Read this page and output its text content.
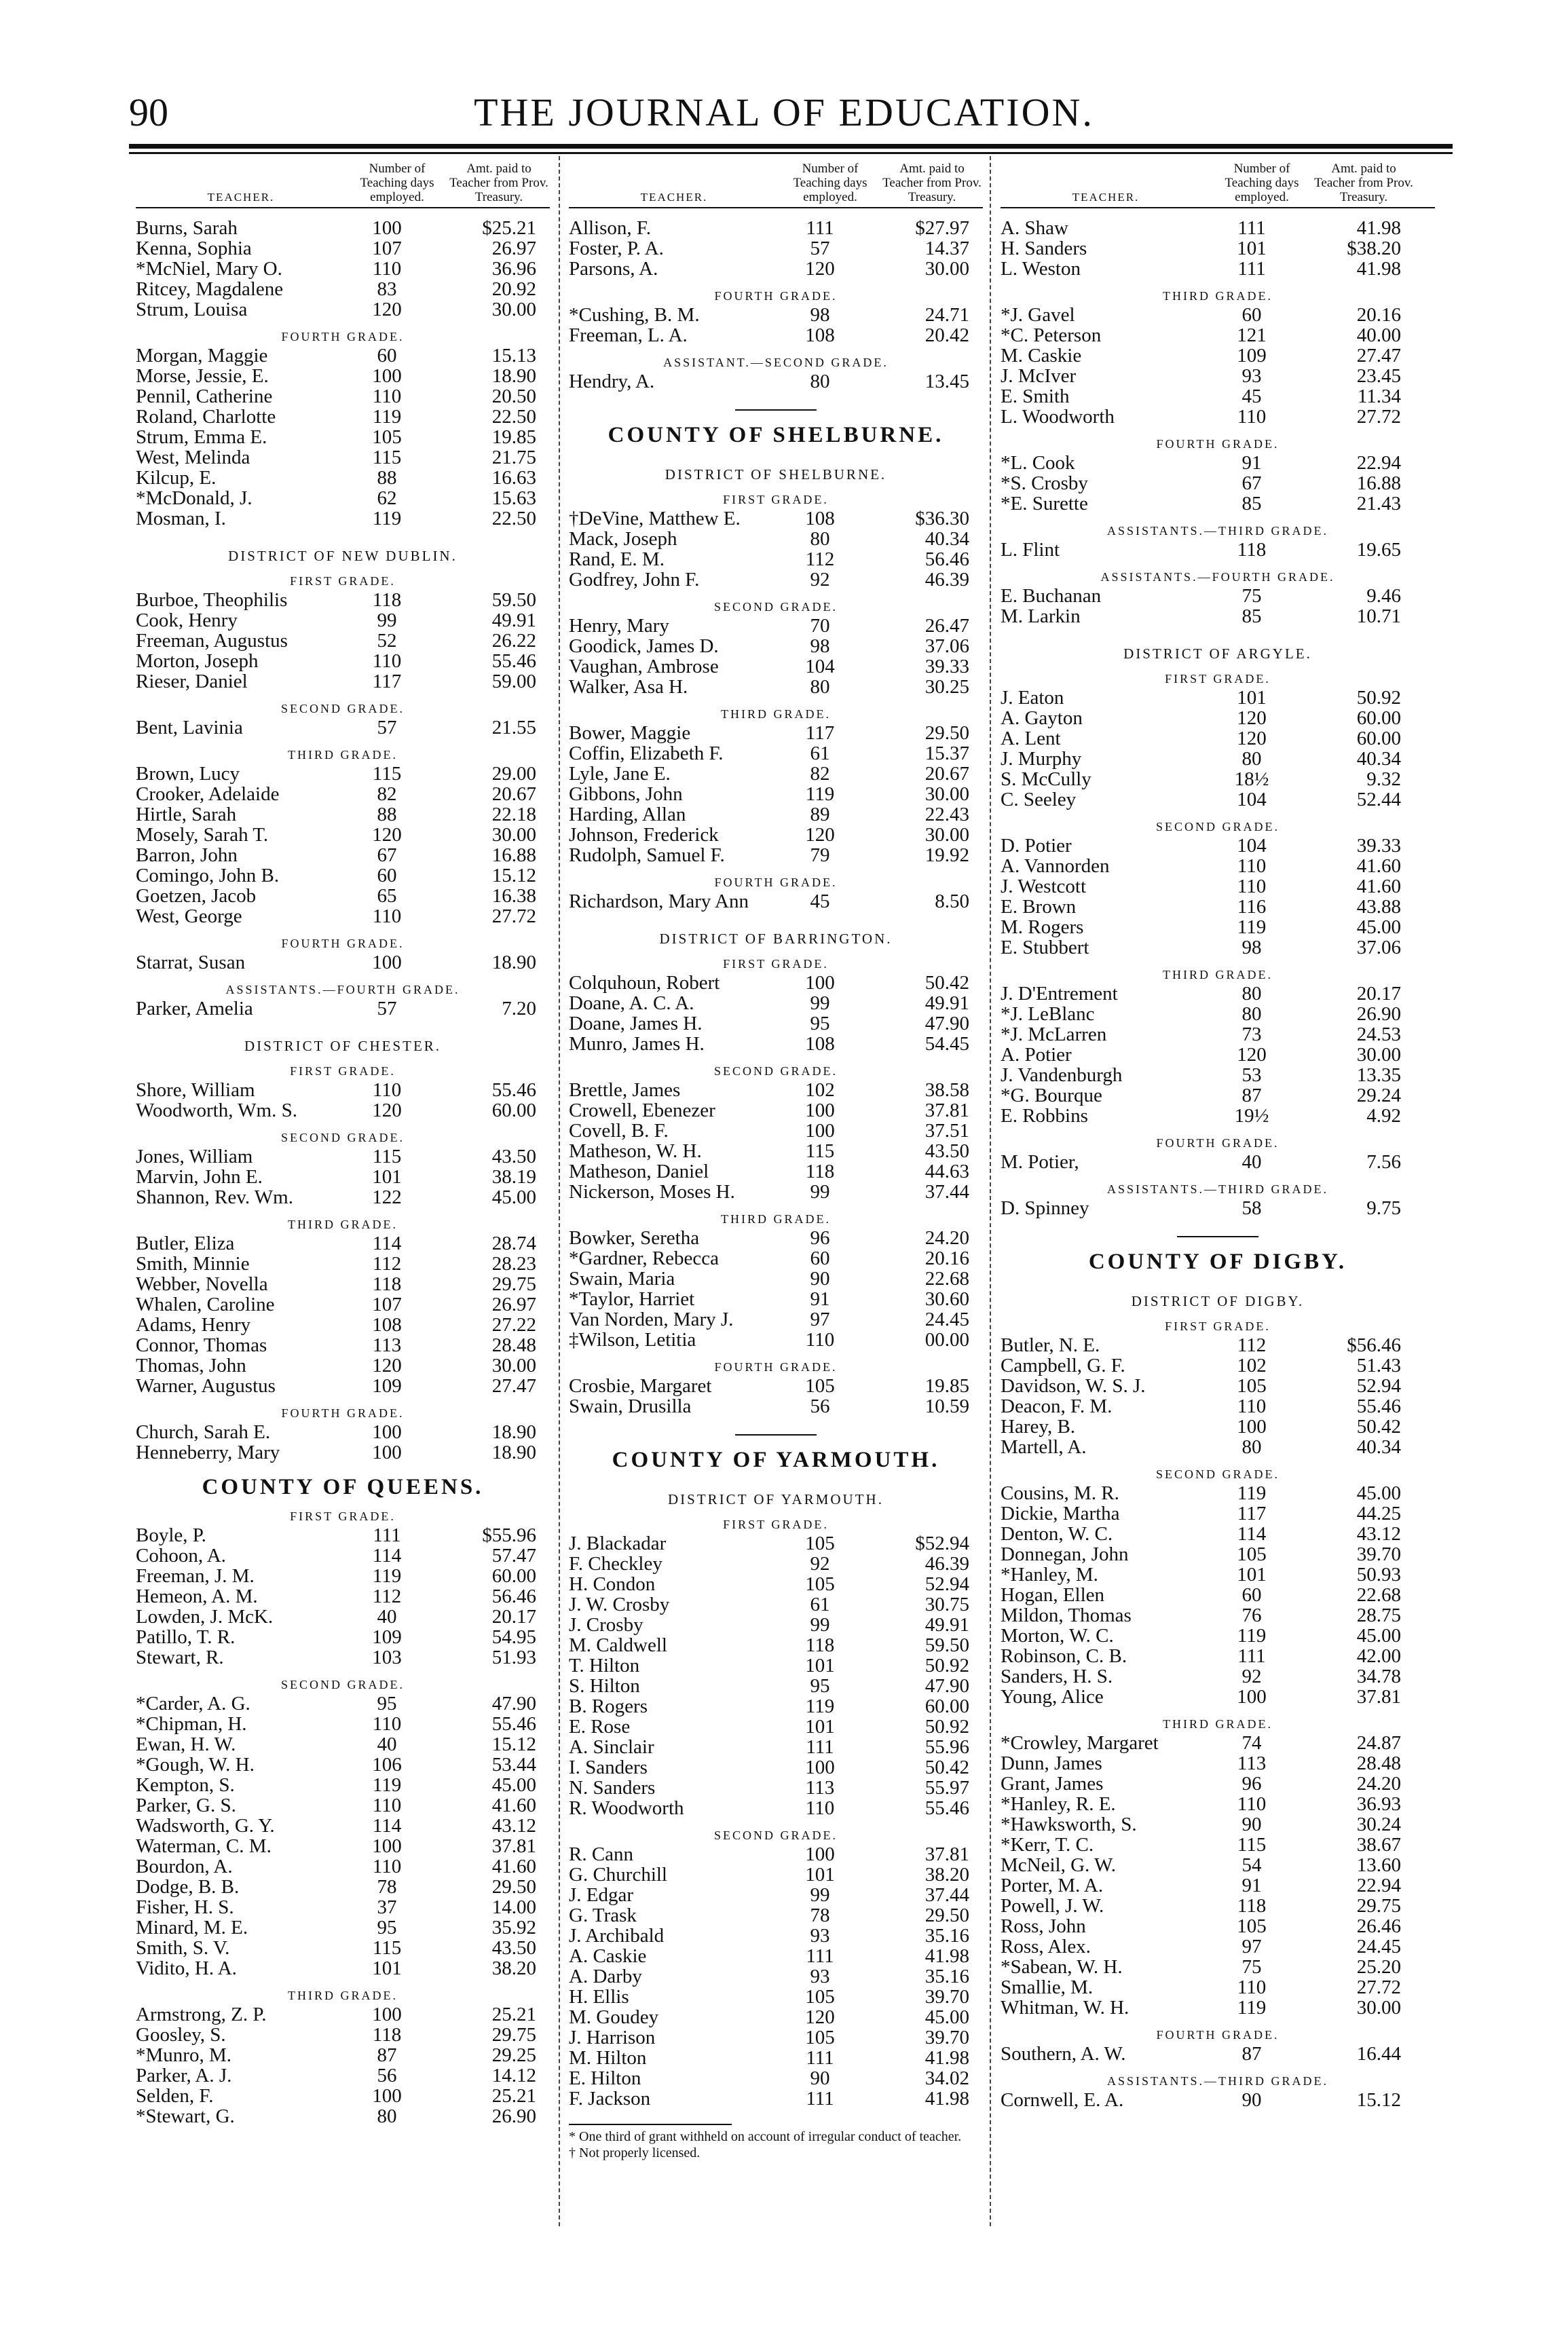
90	THE JOURNAL OF EDUCATION.
TEACHER.
Number of Teaching days employed.
Amt. paid to Teacher from Prov. Treasury.
Burns, Sarah	100	$25.21
Kenna, Sophia	107	26.97
*McNiel, Mary O.	110	36.96
Ritcey, Magdalene	83	20.92
Strum, Louisa	120	30.00
FOURTH GRADE.
Morgan, Maggie	60	15.13
Morse, Jessie, E.	100	18.90
Pennil, Catherine	110	20.50
Roland, Charlotte	119	22.50
Strum, Emma E.	105	19.85
West, Melinda	115	21.75
Kilcup, E.	88	16.63
*McDonald, J.	62	15.63
Mosman, I.	119	22.50
DISTRICT OF NEW DUBLIN.
FIRST GRADE.
Burboe, Theophilis	118	59.50
Cook, Henry	99	49.91
Freeman, Augustus	52	26.22
Morton, Joseph	110	55.46
Rieser, Daniel	117	59.00
SECOND GRADE.
Bent, Lavinia	57	21.55
THIRD GRADE.
Brown, Lucy	115	29.00
Crooker, Adelaide	82	20.67
Hirtle, Sarah	88	22.18
Mosely, Sarah T.	120	30.00
Barron, John	67	16.88
Comingo, John B.	60	15.12
Goetzen, Jacob	65	16.38
West, George	110	27.72
FOURTH GRADE.
Starrat, Susan	100	18.90
ASSISTANTS.—FOURTH GRADE.
Parker, Amelia	57	7.20
DISTRICT OF CHESTER.
FIRST GRADE.
Shore, William	110	55.46
Woodworth, Wm. S.	120	60.00
SECOND GRADE.
Jones, William	115	43.50
Marvin, John E.	101	38.19
Shannon, Rev. Wm.	122	45.00
THIRD GRADE.
Butler, Eliza	114	28.74
Smith, Minnie	112	28.23
Webber, Novella	118	29.75
Whalen, Caroline	107	26.97
Adams, Henry	108	27.22
Connor, Thomas	113	28.48
Thomas, John	120	30.00
Warner, Augustus	109	27.47
FOURTH GRADE.
Church, Sarah E.	100	18.90
Henneberry, Mary	100	18.90
COUNTY OF QUEENS.
FIRST GRADE.
Boyle, P.	111	$55.96
Cohoon, A.	114	57.47
Freeman, J. M.	119	60.00
Hemeon, A. M.	112	56.46
Lowden, J. McK.	40	20.17
Patillo, T. R.	109	54.95
Stewart, R.	103	51.93
SECOND GRADE.
*Carder, A. G.	95	47.90
*Chipman, H.	110	55.46
Ewan, H. W.	40	15.12
*Gough, W. H.	106	53.44
Kempton, S.	119	45.00
Parker, G. S.	110	41.60
Wadsworth, G. Y.	114	43.12
Waterman, C. M.	100	37.81
Bourdon, A.	110	41.60
Dodge, B. B.	78	29.50
Fisher, H. S.	37	14.00
Minard, M. E.	95	35.92
Smith, S. V.	115	43.50
Vidito, H. A.	101	38.20
THIRD GRADE.
Armstrong, Z. P.	100	25.21
Goosley, S.	118	29.75
*Munro, M.	87	29.25
Parker, A. J.	56	14.12
Selden, F.	100	25.21
*Stewart, G.	80	26.90
TEACHER.
Number of Teaching days employed.
Amt. paid to Teacher from Prov. Treasury.
Allison, F.	111	$27.97
Foster, P. A.	57	14.37
Parsons, A.	120	30.00
FOURTH GRADE.
*Cushing, B. M.	98	24.71
Freeman, L. A.	108	20.42
ASSISTANT.—SECOND GRADE.
Hendry, A.	80	13.45
COUNTY OF SHELBURNE.
DISTRICT OF SHELBURNE.
FIRST GRADE.
†DeVine, Matthew E.	108	$36.30
Mack, Joseph	80	40.34
Rand, E. M.	112	56.46
Godfrey, John F.	92	46.39
SECOND GRADE.
Henry, Mary	70	26.47
Goodick, James D.	98	37.06
Vaughan, Ambrose	104	39.33
Walker, Asa H.	80	30.25
THIRD GRADE.
Bower, Maggie	117	29.50
Coffin, Elizabeth F.	61	15.37
Lyle, Jane E.	82	20.67
Gibbons, John	119	30.00
Harding, Allan	89	22.43
Johnson, Frederick	120	30.00
Rudolph, Samuel F.	79	19.92
FOURTH GRADE.
Richardson, Mary Ann	45	8.50
DISTRICT OF BARRINGTON.
FIRST GRADE.
Colquhoun, Robert	100	50.42
Doane, A. C. A.	99	49.91
Doane, James H.	95	47.90
Munro, James H.	108	54.45
SECOND GRADE.
Brettle, James	102	38.58
Crowell, Ebenezer	100	37.81
Covell, B. F.	100	37.51
Matheson, W. H.	115	43.50
Matheson, Daniel	118	44.63
Nickerson, Moses H.	99	37.44
THIRD GRADE.
Bowker, Seretha	96	24.20
*Gardner, Rebecca	60	20.16
Swain, Maria	90	22.68
*Taylor, Harriet	91	30.60
Van Norden, Mary J.	97	24.45
‡Wilson, Letitia	110	00.00
FOURTH GRADE.
Crosbie, Margaret	105	19.85
Swain, Drusilla	56	10.59
COUNTY OF YARMOUTH.
DISTRICT OF YARMOUTH.
FIRST GRADE.
J. Blackadar	105	$52.94
F. Checkley	92	46.39
H. Condon	105	52.94
J. W. Crosby	61	30.75
J. Crosby	99	49.91
M. Caldwell	118	59.50
T. Hilton	101	50.92
S. Hilton	95	47.90
B. Rogers	119	60.00
E. Rose	101	50.92
A. Sinclair	111	55.96
I. Sanders	100	50.42
N. Sanders	113	55.97
R. Woodworth	110	55.46
SECOND GRADE.
R. Cann	100	37.81
G. Churchill	101	38.20
J. Edgar	99	37.44
G. Trask	78	29.50
J. Archibald	93	35.16
A. Caskie	111	41.98
A. Darby	93	35.16
H. Ellis	105	39.70
M. Goudey	120	45.00
J. Harrison	105	39.70
M. Hilton	111	41.98
E. Hilton	90	34.02
F. Jackson	111	41.98
* One third of grant withheld on account of irregular conduct of teacher.
† Not properly licensed.
TEACHER.
Number of Teaching days employed.
Amt. paid to Teacher from Prov. Treasury.
A. Shaw	111	41.98
H. Sanders	101	$38.20
L. Weston	111	41.98
THIRD GRADE.
*J. Gavel	60	20.16
*C. Peterson	121	40.00
M. Caskie	109	27.47
J. McIver	93	23.45
E. Smith	45	11.34
L. Woodworth	110	27.72
FOURTH GRADE.
*L. Cook	91	22.94
*S. Crosby	67	16.88
*E. Surette	85	21.43
ASSISTANTS.—THIRD GRADE.
L. Flint	118	19.65
ASSISTANTS.—FOURTH GRADE.
E. Buchanan	75	9.46
M. Larkin	85	10.71
DISTRICT OF ARGYLE.
FIRST GRADE.
J. Eaton	101	50.92
A. Gayton	120	60.00
A. Lent	120	60.00
J. Murphy	80	40.34
S. McCully	18½	9.32
C. Seeley	104	52.44
SECOND GRADE.
D. Potier	104	39.33
A. Vannorden	110	41.60
J. Westcott	110	41.60
E. Brown	116	43.88
M. Rogers	119	45.00
E. Stubbert	98	37.06
THIRD GRADE.
J. D'Entrement	80	20.17
*J. LeBlanc	80	26.90
*J. McLarren	73	24.53
A. Potier	120	30.00
J. Vandenburgh	53	13.35
*G. Bourque	87	29.24
E. Robbins	19½	4.92
FOURTH GRADE.
M. Potier,	40	7.56
ASSISTANTS.—THIRD GRADE.
D. Spinney	58	9.75
COUNTY OF DIGBY.
DISTRICT OF DIGBY.
FIRST GRADE.
Butler, N. E.	112	$56.46
Campbell, G. F.	102	51.43
Davidson, W. S. J.	105	52.94
Deacon, F. M.	110	55.46
Harey, B.	100	50.42
Martell, A.	80	40.34
SECOND GRADE.
Cousins, M. R.	119	45.00
Dickie, Martha	117	44.25
Denton, W. C.	114	43.12
Donnegan, John	105	39.70
*Hanley, M.	101	50.93
Hogan, Ellen	60	22.68
Mildon, Thomas	76	28.75
Morton, W. C.	119	45.00
Robinson, C. B.	111	42.00
Sanders, H. S.	92	34.78
Young, Alice	100	37.81
THIRD GRADE.
*Crowley, Margaret	74	24.87
Dunn, James	113	28.48
Grant, James	96	24.20
*Hanley, R. E.	110	36.93
*Hawksworth, S.	90	30.24
*Kerr, T. C.	115	38.67
McNeil, G. W.	54	13.60
Porter, M. A.	91	22.94
Powell, J. W.	118	29.75
Ross, John	105	26.46
Ross, Alex.	97	24.45
*Sabean, W. H.	75	25.20
Smallie, M.	110	27.72
Whitman, W. H.	119	30.00
FOURTH GRADE.
Southern, A. W.	87	16.44
ASSISTANTS.—THIRD GRADE.
Cornwell, E. A.	90	15.12
